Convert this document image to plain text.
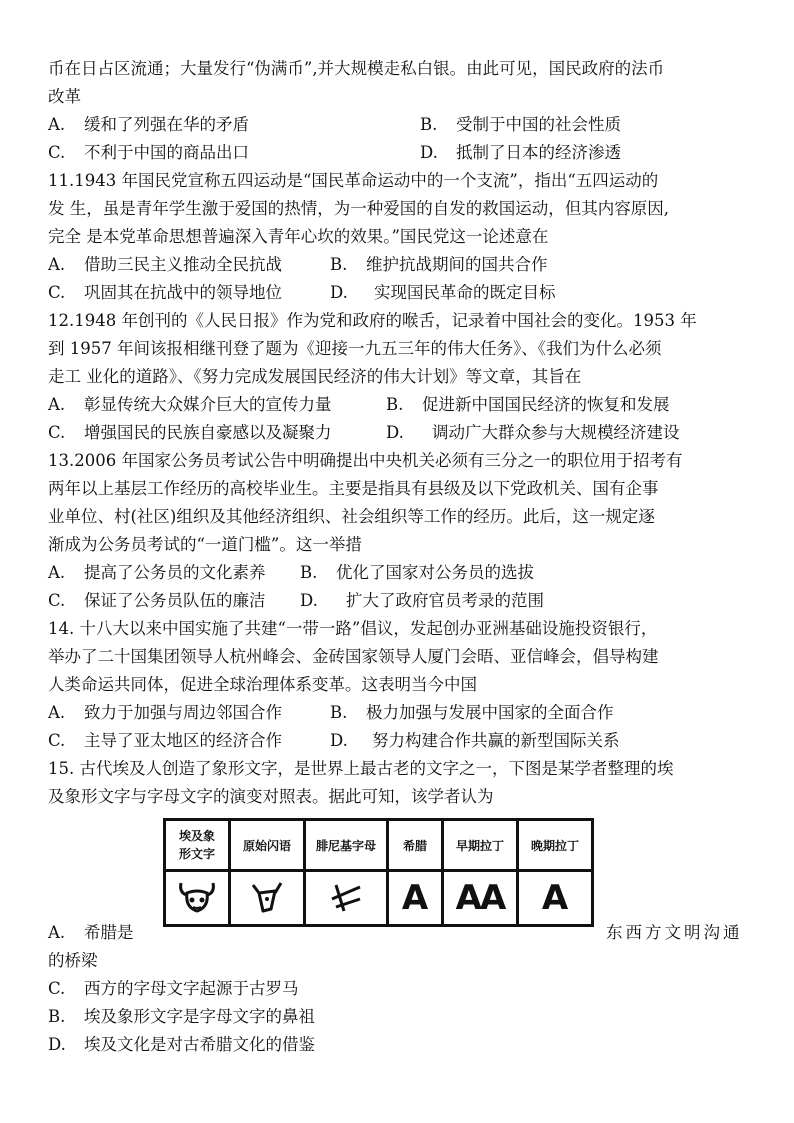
币在日占区流通；大量发行“伪满币”,并大规模走私白银。由此可见，国民政府的法币
改革
A. 缓和了列强在华的矛盾	B. 受制于中国的社会性质
C. 不利于中国的商品出口	D. 抵制了日本的经济渗透
11.1943 年国民党宣称五四运动是“国民革命运动中的一个支流”，指出“五四运动的
发 生，虽是青年学生激于爱国的热情，为一种爱国的自发的救国运动，但其内容原因,
完全 是本党革命思想普遍深入青年心坎的效果。”国民党这一论述意在
A. 借助三民主义推动全民抗战	B. 维护抗战期间的国共合作
C. 巩固其在抗战中的领导地位	D. 实现国民革命的既定目标
12.1948 年创刊的《人民日报》作为党和政府的喉舌，记录着中国社会的变化。1953 年
到 1957 年间该报相继刊登了题为《迎接一九五三年的伟大任务》、《我们为什么必须
走工 业化的道路》、《努力完成发展国民经济的伟大计划》等文章，其旨在
A. 彰显传统大众媒介巨大的宣传力量	B. 促进新中国国民经济的恢复和发展
C. 增强国民的民族自豪感以及凝聚力	D. 调动广大群众参与大规模经济建设
13.2006 年国家公务员考试公告中明确提出中央机关必须有三分之一的职位用于招考有
两年以上基层工作经历的高校毕业生。主要是指具有县级及以下党政机关、国有企事
业单位、村(社区)组织及其他经济组织、社会组织等工作的经历。此后，这一规定逐
渐成为公务员考试的“一道门槛”。这一举措
A. 提高了公务员的文化素养 B. 优化了国家对公务员的选拔
C. 保证了公务员队伍的廉洁 D. 扩大了政府官员考录的范围
14. 十八大以来中国实施了共建“一带一路”倡议，发起创办亚洲基础设施投资银行，
举办了二十国集团领导人杭州峰会、金砖国家领导人厦门会晤、亚信峰会，倡导构建
人类命运共同体，促进全球治理体系变革。这表明当今中国
A. 致力于加强与周边邻国合作	B. 极力加强与发展中国家的全面合作
C. 主导了亚太地区的经济合作	D. 努力构建合作共赢的新型国际关系
15. 古代埃及人创造了象形文字，是世界上最古老的文字之一，下图是某学者整理的埃
及象形文字与字母文字的演变对照表。据此可知，该学者认为
埃及象形文字	原始闪语	腓尼基字母	希腊	早期拉丁	晚期拉丁
			A	AA	A
A. 希腊是	东西方文明沟通
的桥梁
C. 西方的字母文字起源于古罗马
B. 埃及象形文字是字母文字的鼻祖
D. 埃及文化是对古希腊文化的借鉴
